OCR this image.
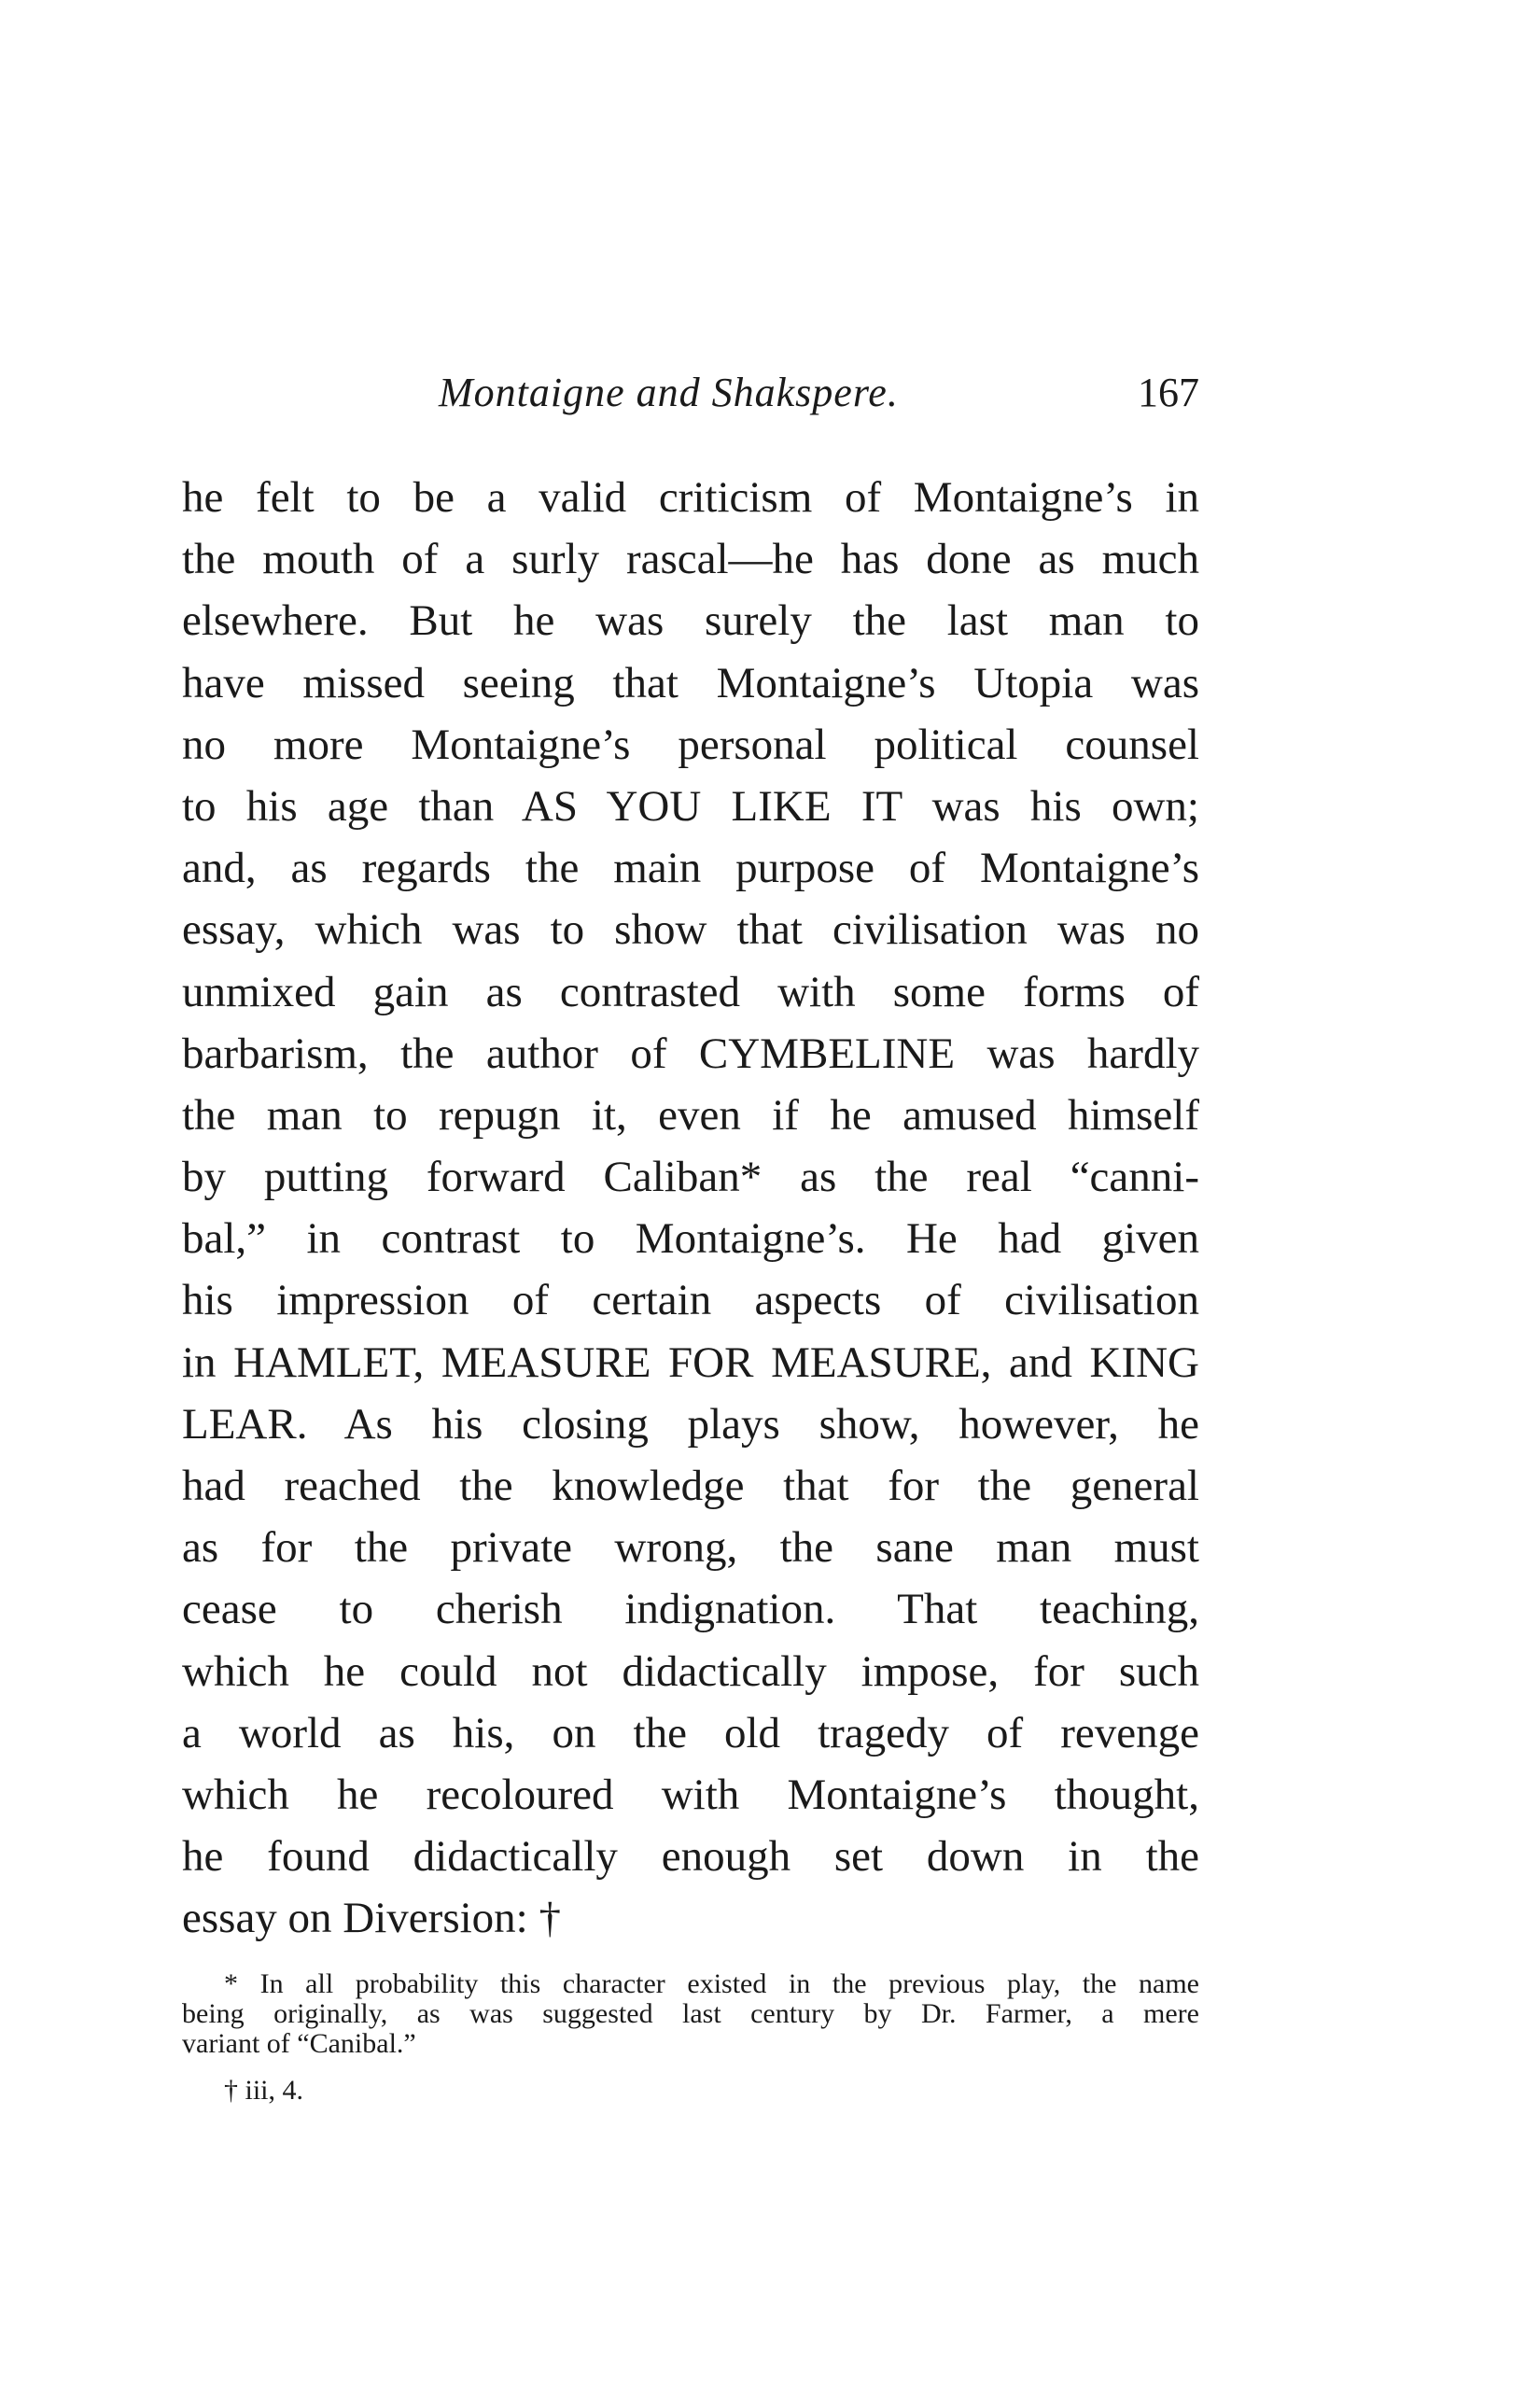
Montaigne and Shakspere.	167
he felt to be a valid criticism of Montaigne’s in
the mouth of a surly rascal—he has done as much
elsewhere. But he was surely the last man to
have missed seeing that Montaigne’s Utopia was
no more Montaigne’s personal political counsel
to his age than AS YOU LIKE IT was his own;
and, as regards the main purpose of Montaigne’s
essay, which was to show that civilisation was no
unmixed gain as contrasted with some forms of
barbarism, the author of CYMBELINE was hardly
the man to repugn it, even if he amused himself
by putting forward Caliban* as the real “canni-
bal,” in contrast to Montaigne’s. He had given
his impression of certain aspects of civilisation
in HAMLET, MEASURE FOR MEASURE, and KING
LEAR. As his closing plays show, however, he
had reached the knowledge that for the general
as for the private wrong, the sane man must
cease to cherish indignation. That teaching,
which he could not didactically impose, for such
a world as his, on the old tragedy of revenge
which he recoloured with Montaigne’s thought,
he found didactically enough set down in the
essay on Diversion: †
* In all probability this character existed in the previous play, the name
being originally, as was suggested last century by Dr. Farmer, a mere
variant of “Canibal.”
† iii, 4.
